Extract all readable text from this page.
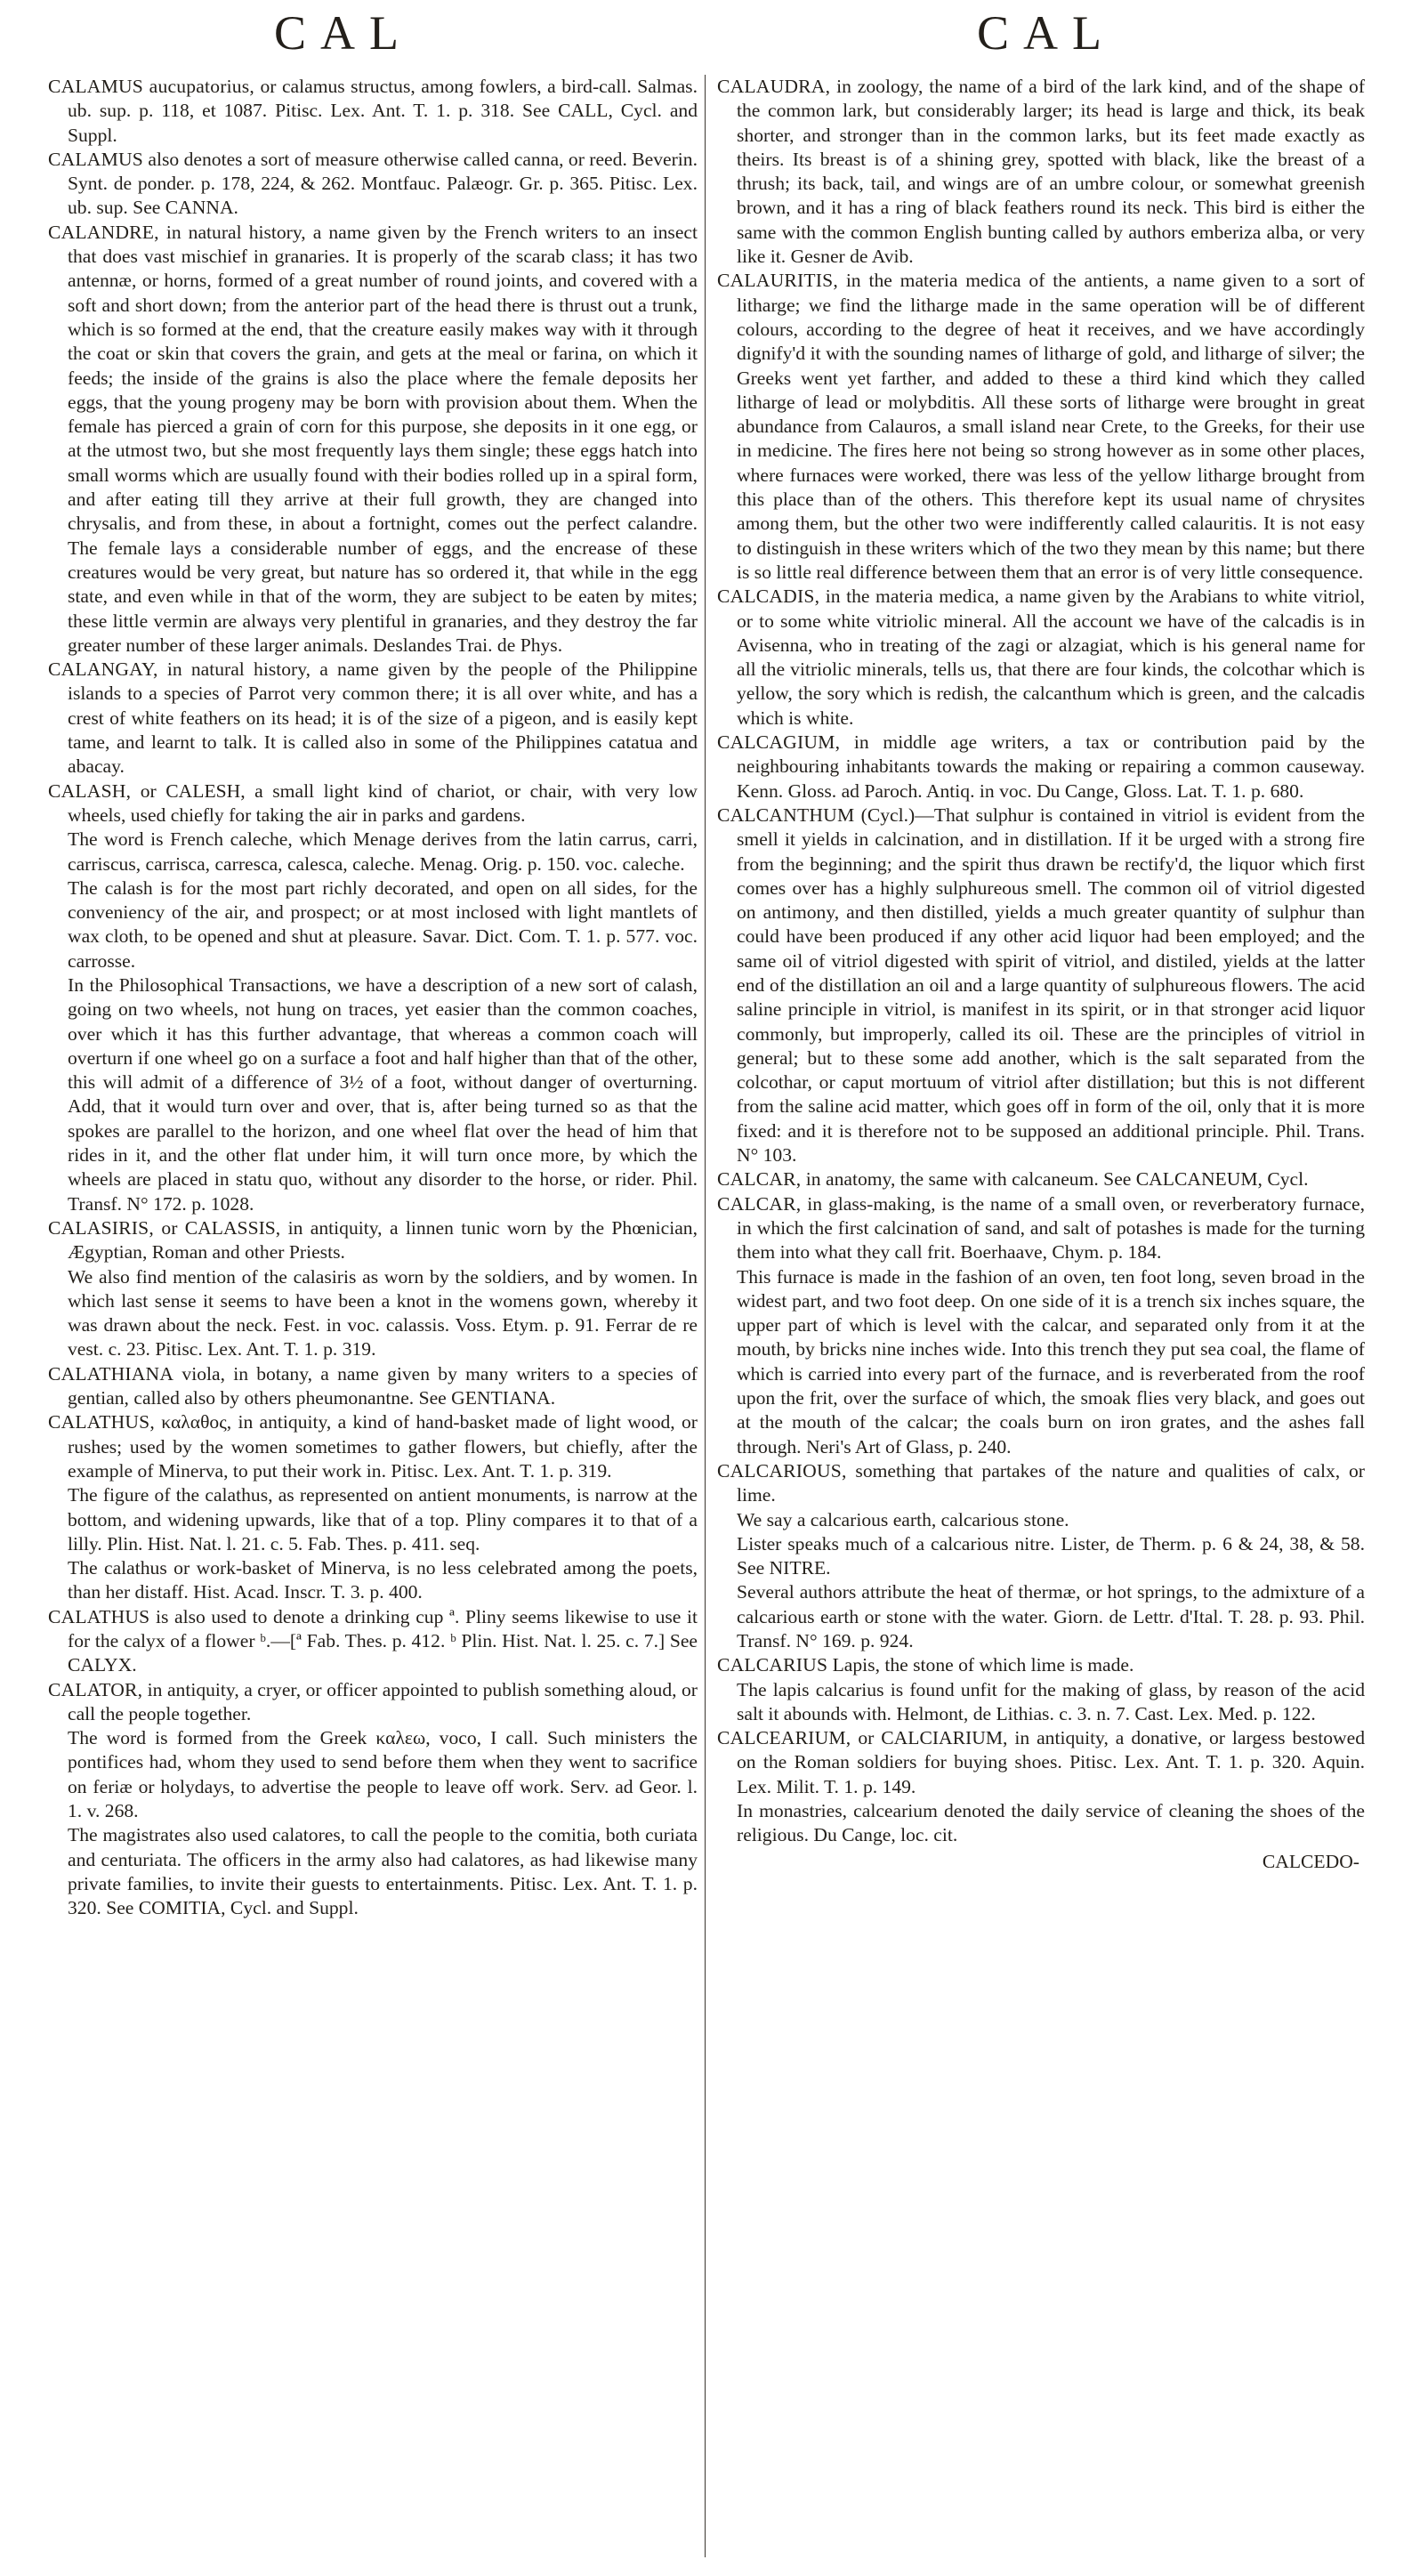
CAL	CAL

CALAMUS aucupatorius, or calamus structus, among fowlers, a bird-call. Salmas. ub. sup. p. 118, et 1087. Pitisc. Lex. Ant. T. 1. p. 318. See CALL, Cycl. and Suppl.

CALAMUS also denotes a sort of measure otherwise called canna, or reed. Beverin. Synt. de ponder. p. 178, 224, & 262. Montfauc. Palæogr. Gr. p. 365. Pitisc. Lex. ub. sup. See CANNA.

CALANDRE, in natural history, a name given by the French writers to an insect that does vast mischief in granaries. It is properly of the scarab class; it has two antennæ, or horns, formed of a great number of round joints, and covered with a soft and short down; from the anterior part of the head there is thrust out a trunk, which is so formed at the end, that the creature easily makes way with it through the coat or skin that covers the grain, and gets at the meal or farina, on which it feeds; the inside of the grains is also the place where the female deposits her eggs, that the young progeny may be born with provision about them. When the female has pierced a grain of corn for this purpose, she deposits in it one egg, or at the utmost two, but she most frequently lays them single; these eggs hatch into small worms which are usually found with their bodies rolled up in a spiral form, and after eating till they arrive at their full growth, they are changed into chrysalis, and from these, in about a fortnight, comes out the perfect calandre. The female lays a considerable number of eggs, and the encrease of these creatures would be very great, but nature has so ordered it, that while in the egg state, and even while in that of the worm, they are subject to be eaten by mites; these little vermin are always very plentiful in granaries, and they destroy the far greater number of these larger animals. Deslandes Trai. de Phys.

CALANGAY, in natural history, a name given by the people of the Philippine islands to a species of Parrot very common there; it is all over white, and has a crest of white feathers on its head; it is of the size of a pigeon, and is easily kept tame, and learnt to talk. It is called also in some of the Philippines catatua and abacay.

CALASH, or CALESH, a small light kind of chariot, or chair, with very low wheels, used chiefly for taking the air in parks and gardens.

The word is French caleche, which Menage derives from the latin carrus, carri, carriscus, carrisca, carresca, calesca, caleche. Menag. Orig. p. 150. voc. caleche.

The calash is for the most part richly decorated, and open on all sides, for the conveniency of the air, and prospect; or at most inclosed with light mantlets of wax cloth, to be opened and shut at pleasure. Savar. Dict. Com. T. 1. p. 577. voc. carrosse.

In the Philosophical Transactions, we have a description of a new sort of calash, going on two wheels, not hung on traces, yet easier than the common coaches, over which it has this further advantage, that whereas a common coach will overturn if one wheel go on a surface a foot and half higher than that of the other, this will admit of a difference of 3½ of a foot, without danger of overturning. Add, that it would turn over and over, that is, after being turned so as that the spokes are parallel to the horizon, and one wheel flat over the head of him that rides in it, and the other flat under him, it will turn once more, by which the wheels are placed in statu quo, without any disorder to the horse, or rider. Phil. Transf. N° 172. p. 1028.

CALASIRIS, or CALASSIS, in antiquity, a linnen tunic worn by the Phœnician, Ægyptian, Roman and other Priests.

We also find mention of the calasiris as worn by the soldiers, and by women. In which last sense it seems to have been a knot in the womens gown, whereby it was drawn about the neck. Fest. in voc. calassis. Voss. Etym. p. 91. Ferrar de re vest. c. 23. Pitisc. Lex. Ant. T. 1. p. 319.

CALATHIANA viola, in botany, a name given by many writers to a species of gentian, called also by others pheumonantne. See GENTIANA.

CALATHUS, καλαθος, in antiquity, a kind of hand-basket made of light wood, or rushes; used by the women sometimes to gather flowers, but chiefly, after the example of Minerva, to put their work in. Pitisc. Lex. Ant. T. 1. p. 319.

The figure of the calathus, as represented on antient monuments, is narrow at the bottom, and widening upwards, like that of a top. Pliny compares it to that of a lilly. Plin. Hist. Nat. l. 21. c. 5. Fab. Thes. p. 411. seq.

The calathus or work-basket of Minerva, is no less celebrated among the poets, than her distaff. Hist. Acad. Inscr. T. 3. p. 400.

CALATHUS is also used to denote a drinking cup ª. Pliny seems likewise to use it for the calyx of a flower ᵇ.—[ª Fab. Thes. p. 412. ᵇ Plin. Hist. Nat. l. 25. c. 7.] See CALYX.

CALATOR, in antiquity, a cryer, or officer appointed to publish something aloud, or call the people together.

The word is formed from the Greek καλεω, voco, I call. Such ministers the pontifices had, whom they used to send before them when they went to sacrifice on feriæ or holydays, to advertise the people to leave off work. Serv. ad Geor. l. 1. v. 268.

The magistrates also used calatores, to call the people to the comitia, both curiata and centuriata. The officers in the army also had calatores, as had likewise many private families, to invite their guests to entertainments. Pitisc. Lex. Ant. T. 1. p. 320. See COMITIA, Cycl. and Suppl.

CALAUDRA, in zoology, the name of a bird of the lark kind, and of the shape of the common lark, but considerably larger; its head is large and thick, its beak shorter, and stronger than in the common larks, but its feet made exactly as theirs. Its breast is of a shining grey, spotted with black, like the breast of a thrush; its back, tail, and wings are of an umbre colour, or somewhat greenish brown, and it has a ring of black feathers round its neck. This bird is either the same with the common English bunting called by authors emberiza alba, or very like it. Gesner de Avib.

CALAURITIS, in the materia medica of the antients, a name given to a sort of litharge; we find the litharge made in the same operation will be of different colours, according to the degree of heat it receives, and we have accordingly dignify'd it with the sounding names of litharge of gold, and litharge of silver; the Greeks went yet farther, and added to these a third kind which they called litharge of lead or molybditis. All these sorts of litharge were brought in great abundance from Calauros, a small island near Crete, to the Greeks, for their use in medicine. The fires here not being so strong however as in some other places, where furnaces were worked, there was less of the yellow litharge brought from this place than of the others. This therefore kept its usual name of chrysites among them, but the other two were indifferently called calauritis. It is not easy to distinguish in these writers which of the two they mean by this name; but there is so little real difference between them that an error is of very little consequence.

CALCADIS, in the materia medica, a name given by the Arabians to white vitriol, or to some white vitriolic mineral. All the account we have of the calcadis is in Avisenna, who in treating of the zagi or alzagiat, which is his general name for all the vitriolic minerals, tells us, that there are four kinds, the colcothar which is yellow, the sory which is redish, the calcanthum which is green, and the calcadis which is white.

CALCAGIUM, in middle age writers, a tax or contribution paid by the neighbouring inhabitants towards the making or repairing a common causeway. Kenn. Gloss. ad Paroch. Antiq. in voc. Du Cange, Gloss. Lat. T. 1. p. 680.

CALCANTHUM (Cycl.)—That sulphur is contained in vitriol is evident from the smell it yields in calcination, and in distillation. If it be urged with a strong fire from the beginning; and the spirit thus drawn be rectify'd, the liquor which first comes over has a highly sulphureous smell. The common oil of vitriol digested on antimony, and then distilled, yields a much greater quantity of sulphur than could have been produced if any other acid liquor had been employed; and the same oil of vitriol digested with spirit of vitriol, and distiled, yields at the latter end of the distillation an oil and a large quantity of sulphureous flowers. The acid saline principle in vitriol, is manifest in its spirit, or in that stronger acid liquor commonly, but improperly, called its oil. These are the principles of vitriol in general; but to these some add another, which is the salt separated from the colcothar, or caput mortuum of vitriol after distillation; but this is not different from the saline acid matter, which goes off in form of the oil, only that it is more fixed: and it is therefore not to be supposed an additional principle. Phil. Trans. N° 103.

CALCAR, in anatomy, the same with calcaneum. See CALCANEUM, Cycl.

CALCAR, in glass-making, is the name of a small oven, or reverberatory furnace, in which the first calcination of sand, and salt of potashes is made for the turning them into what they call frit. Boerhaave, Chym. p. 184.

This furnace is made in the fashion of an oven, ten foot long, seven broad in the widest part, and two foot deep. On one side of it is a trench six inches square, the upper part of which is level with the calcar, and separated only from it at the mouth, by bricks nine inches wide. Into this trench they put sea coal, the flame of which is carried into every part of the furnace, and is reverberated from the roof upon the frit, over the surface of which, the smoak flies very black, and goes out at the mouth of the calcar; the coals burn on iron grates, and the ashes fall through. Neri's Art of Glass, p. 240.

CALCARIOUS, something that partakes of the nature and qualities of calx, or lime.

We say a calcarious earth, calcarious stone.

Lister speaks much of a calcarious nitre. Lister, de Therm. p. 6 & 24, 38, & 58. See NITRE.

Several authors attribute the heat of thermæ, or hot springs, to the admixture of a calcarious earth or stone with the water. Giorn. de Lettr. d'Ital. T. 28. p. 93. Phil. Transf. N° 169. p. 924.

CALCARIUS Lapis, the stone of which lime is made.

The lapis calcarius is found unfit for the making of glass, by reason of the acid salt it abounds with. Helmont, de Lithias. c. 3. n. 7. Cast. Lex. Med. p. 122.

CALCEARIUM, or CALCIARIUM, in antiquity, a donative, or largess bestowed on the Roman soldiers for buying shoes. Pitisc. Lex. Ant. T. 1. p. 320. Aquin. Lex. Milit. T. 1. p. 149.

In monastries, calcearium denoted the daily service of cleaning the shoes of the religious. Du Cange, loc. cit.

CALCEDO-
